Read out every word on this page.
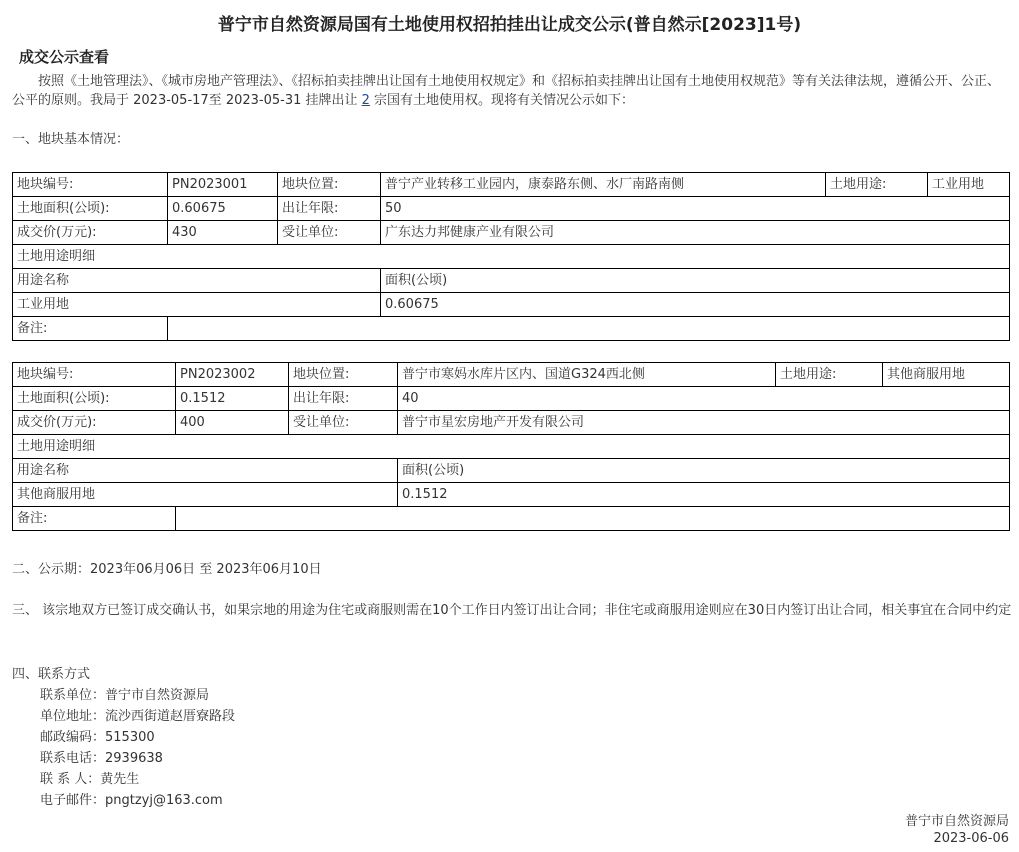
普宁市自然资源局国有土地使用权招拍挂出让成交公示(普自然示[2023]1号)
成交公示查看

按照《土地管理法》、《城市房地产管理法》、《招标拍卖挂牌出让国有土地使用权规定》和《招标拍卖挂牌出让国有土地使用权规范》等有关法律法规，遵循公开、公正、公平的原则。我局于 2023-05-17至 2023-05-31 挂牌出让 2 宗国有土地使用权。现将有关情况公示如下：

一、地块基本情况：

地块编号:	PN2023001	地块位置:	普宁产业转移工业园内，康泰路东侧、水厂南路南侧	土地用途:	工业用地
土地面积(公顷):	0.60675	出让年限:	50		
成交价(万元):	430	受让单位:	广东达力邦健康产业有限公司		
土地用途明细					
用途名称			面积(公顷)		
工业用地			0.60675		
备注:					
地块编号:	PN2023002	地块位置:	普宁市寒妈水库片区内、国道G324西北侧	土地用途:	其他商服用地
土地面积(公顷):	0.1512	出让年限:	40		
成交价(万元):	400	受让单位:	普宁市星宏房地产开发有限公司		
土地用途明细					
用途名称			面积(公顷)		
其他商服用地			0.1512		
备注:					

二、公示期：2023年06月06日 至 2023年06月10日

三、 该宗地双方已签订成交确认书，如果宗地的用途为住宅或商服则需在10个工作日内签订出让合同；非住宅或商服用途则应在30日内签订出让合同，相关事宜在合同中约定

四、联系方式

联系单位：普宁市自然资源局

单位地址：流沙西街道赵厝寮路段

邮政编码：515300

联系电话：2939638

联 系 人：黄先生

电子邮件：pngtzyj@163.com

普宁市自然资源局

2023-06-06
